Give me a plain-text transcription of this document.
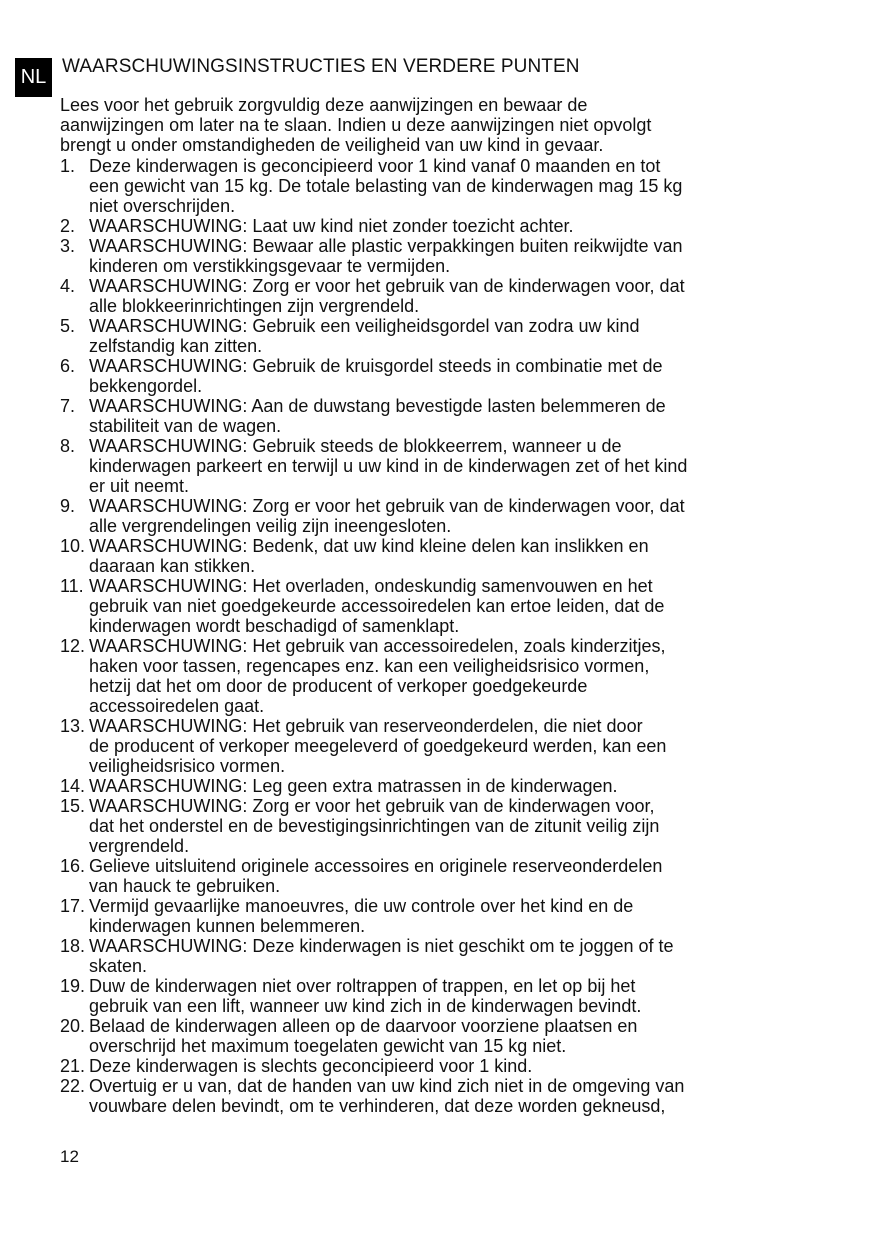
NL WAARSCHUWINGSINSTRUCTIES EN VERDERE PUNTEN

Lees voor het gebruik zorgvuldig deze aanwijzingen en bewaar de
aanwijzingen om later na te slaan. Indien u deze aanwijzingen niet opvolgt
brengt u onder omstandigheden de veiligheid van uw kind in gevaar.

1. Deze kinderwagen is geconcipieerd voor 1 kind vanaf 0 maanden en tot
een gewicht van 15 kg. De totale belasting van de kinderwagen mag 15 kg
niet overschrijden.
2. WAARSCHUWING: Laat uw kind niet zonder toezicht achter.
3. WAARSCHUWING: Bewaar alle plastic verpakkingen buiten reikwijdte van
kinderen om verstikkingsgevaar te vermijden.
4. WAARSCHUWING: Zorg er voor het gebruik van de kinderwagen voor, dat
alle blokkeerinrichtingen zijn vergrendeld.
5. WAARSCHUWING: Gebruik een veiligheidsgordel van zodra uw kind
zelfstandig kan zitten.
6. WAARSCHUWING: Gebruik de kruisgordel steeds in combinatie met de
bekkengordel.
7. WAARSCHUWING: Aan de duwstang bevestigde lasten belemmeren de
stabiliteit van de wagen.
8. WAARSCHUWING: Gebruik steeds de blokkeerrem, wanneer u de
kinderwagen parkeert en terwijl u uw kind in de kinderwagen zet of het kind
er uit neemt.
9. WAARSCHUWING: Zorg er voor het gebruik van de kinderwagen voor, dat
alle vergrendelingen veilig zijn ineengesloten.
10. WAARSCHUWING: Bedenk, dat uw kind kleine delen kan inslikken en
daaraan kan stikken.
11. WAARSCHUWING: Het overladen, ondeskundig samenvouwen en het
gebruik van niet goedgekeurde accessoiredelen kan ertoe leiden, dat de
kinderwagen wordt beschadigd of samenklapt.
12. WAARSCHUWING: Het gebruik van accessoiredelen, zoals kinderzitjes,
haken voor tassen, regencapes enz. kan een veiligheidsrisico vormen,
hetzij dat het om door de producent of verkoper goedgekeurde
accessoiredelen gaat.
13. WAARSCHUWING: Het gebruik van reserveonderdelen, die niet door
de producent of verkoper meegeleverd of goedgekeurd werden, kan een
veiligheidsrisico vormen.
14. WAARSCHUWING: Leg geen extra matrassen in de kinderwagen.
15. WAARSCHUWING: Zorg er voor het gebruik van de kinderwagen voor,
dat het onderstel en de bevestigingsinrichtingen van de zitunit veilig zijn
vergrendeld.
16. Gelieve uitsluitend originele accessoires en originele reserveonderdelen
van hauck te gebruiken.
17. Vermijd gevaarlijke manoeuvres, die uw controle over het kind en de
kinderwagen kunnen belemmeren.
18. WAARSCHUWING: Deze kinderwagen is niet geschikt om te joggen of te
skaten.
19. Duw de kinderwagen niet over roltrappen of trappen, en let op bij het
gebruik van een lift, wanneer uw kind zich in de kinderwagen bevindt.
20. Belaad de kinderwagen alleen op de daarvoor voorziene plaatsen en
overschrijd het maximum toegelaten gewicht van 15 kg niet.
21. Deze kinderwagen is slechts geconcipieerd voor 1 kind.
22. Overtuig er u van, dat de handen van uw kind zich niet in de omgeving van
vouwbare delen bevindt, om te verhinderen, dat deze worden gekneusd,
12
